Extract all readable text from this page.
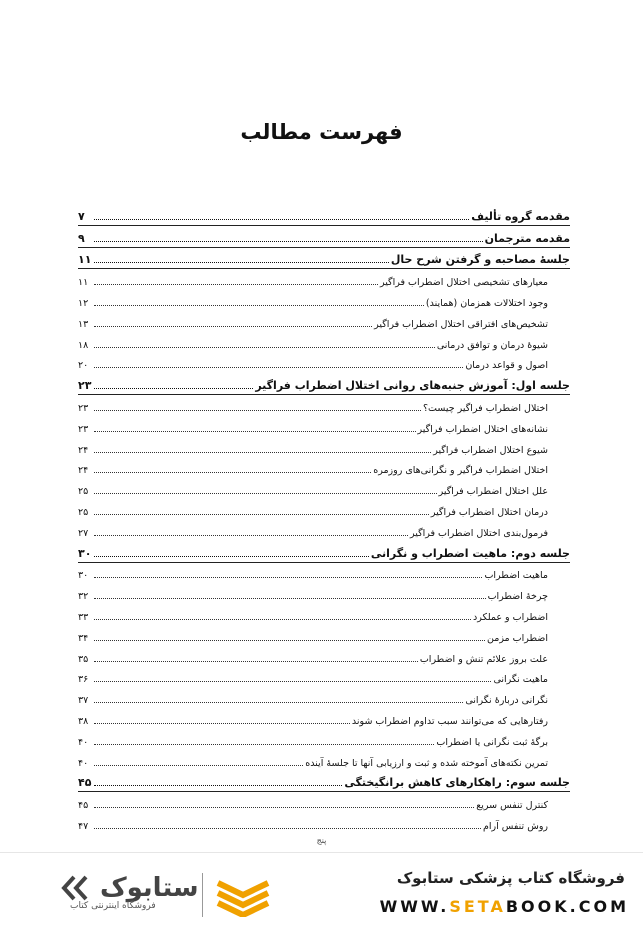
فهرست مطالب
مقدمه گروه تألیف
۷
مقدمه مترجمان
۹
جلسهٔ مصاحبه و گرفتن شرح حال
۱۱
معیارهای تشخیصی اختلال اضطراب فراگیر
۱۱
وجود اختلالات همزمان (همایند)
۱۲
تشخیص‌های افتراقی اختلال اضطراب فراگیر
۱۳
شیوهٔ درمان و توافق درمانی
۱۸
اصول و قواعد درمان
۲۰
جلسه اول: آموزش جنبه‌های روانی اختلال اضطراب فراگیر
۲۳
اختلال اضطراب فراگیر چیست؟
۲۳
نشانه‌های اختلال اضطراب فراگیر
۲۳
شیوع اختلال اضطراب فراگیر
۲۴
اختلال اضطراب فراگیر و نگرانی‌های روزمره
۲۴
علل اختلال اضطراب فراگیر
۲۵
درمان اختلال اضطراب فراگیر
۲۵
فرمول‌بندی اختلال اضطراب فراگیر
۲۷
جلسه دوم: ماهیت اضطراب و نگرانی
۳۰
ماهیت اضطراب
۳۰
چرخهٔ اضطراب
۳۲
اضطراب و عملکرد
۳۳
اضطراب مزمن
۳۴
علت بروز علائم تنش و اضطراب
۳۵
ماهیت نگرانی
۳۶
نگرانی دربارهٔ نگرانی
۳۷
رفتارهایی که می‌توانند سبب تداوم اضطراب شوند
۳۸
برگهٔ ثبت نگرانی یا اضطراب
۴۰
تمرین نکته‌های آموخته شده و ثبت و ارزیابی آنها تا جلسهٔ آینده
۴۰
جلسه سوم: راهکارهای کاهش برانگیختگی
۴۵
کنترل تنفس سریع
۴۵
روش تنفس آرام
۴۷
پنج
ستابوک
فروشگاه اینترنتی کتاب
فروشگاه کتاب پزشکی ستابوک
WWW.SETABOOK.COM
